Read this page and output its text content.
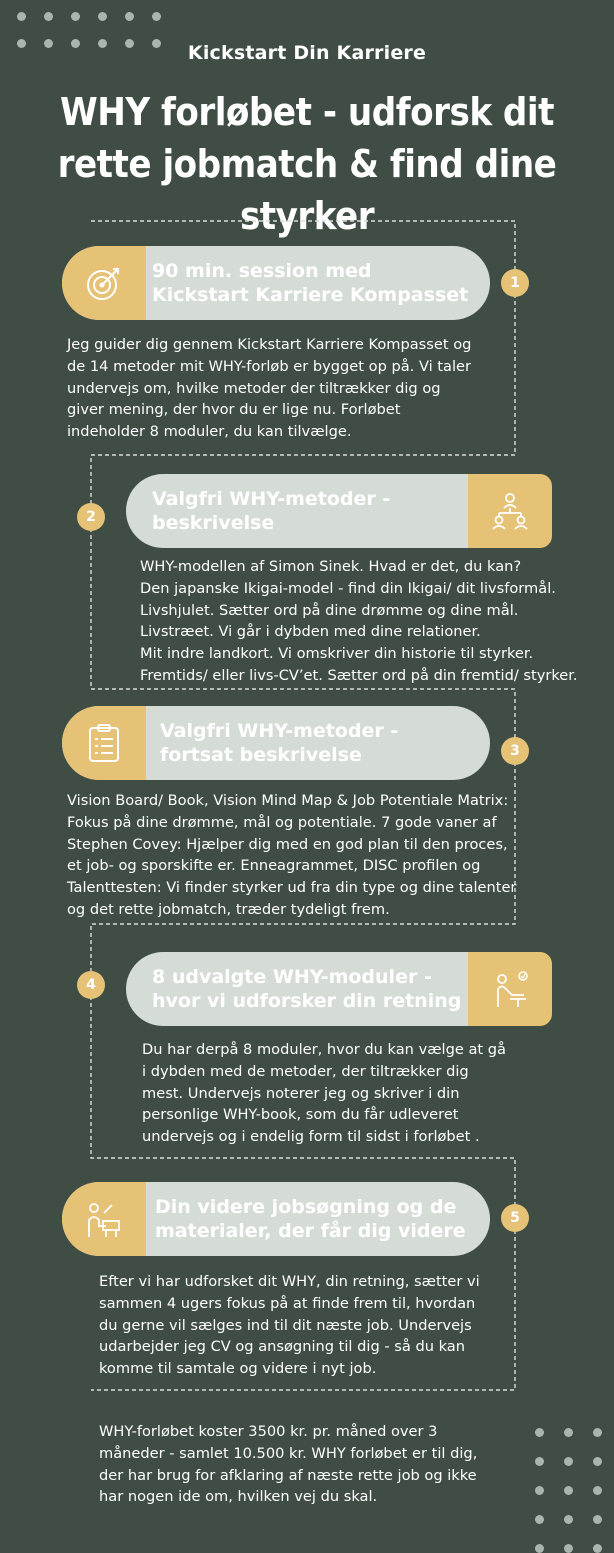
Kickstart Din Karriere
WHY forløbet - udforsk dit rette jobmatch & find dine styrker
90 min. session med
Kickstart Karriere Kompasset
1
Jeg guider dig gennem Kickstart Karriere Kompasset og
de 14 metoder mit WHY-forløb er bygget op på. Vi taler
undervejs om, hvilke metoder der tiltrækker dig og
giver mening, der hvor du er lige nu. Forløbet
indeholder 8 moduler, du kan tilvælge.
Valgfri WHY-metoder -
beskrivelse
2
WHY-modellen af Simon Sinek. Hvad er det, du kan?
Den japanske Ikigai-model - find din Ikigai/ dit livsformål.
Livshjulet. Sætter ord på dine drømme og dine mål.
Livstræet. Vi går i dybden med dine relationer.
Mit indre landkort. Vi omskriver din historie til styrker.
Fremtids/ eller livs-CV’et. Sætter ord på din fremtid/ styrker.
Valgfri WHY-metoder -
fortsat beskrivelse	3
Vision Board/ Book, Vision Mind Map & Job Potentiale Matrix:
Fokus på dine drømme, mål og potentiale. 7 gode vaner af
Stephen Covey: Hjælper dig med en god plan til den proces,
et job- og sporskifte er. Enneagrammet, DISC profilen og
Talenttesten: Vi finder styrker ud fra din type og dine talenter
og det rette jobmatch, træder tydeligt frem.
8 udvalgte WHY-moduler -
hvor vi udforsker din retning
4
Du har derpå 8 moduler, hvor du kan vælge at gå
i dybden med de metoder, der tiltrækker dig
mest. Undervejs noterer jeg og skriver i din
personlige WHY-book, som du får udleveret
undervejs og i endelig form til sidst i forløbet .
Din videre jobsøgning og de
materialer, der får dig videre
5
Efter vi har udforsket dit WHY, din retning, sætter vi
sammen 4 ugers fokus på at finde frem til, hvordan
du gerne vil sælges ind til dit næste job. Undervejs
udarbejder jeg CV og ansøgning til dig - så du kan
komme til samtale og videre i nyt job.
WHY-forløbet koster 3500 kr. pr. måned over 3
måneder - samlet 10.500 kr. WHY forløbet er til dig,
der har brug for afklaring af næste rette job og ikke
har nogen ide om, hvilken vej du skal.
